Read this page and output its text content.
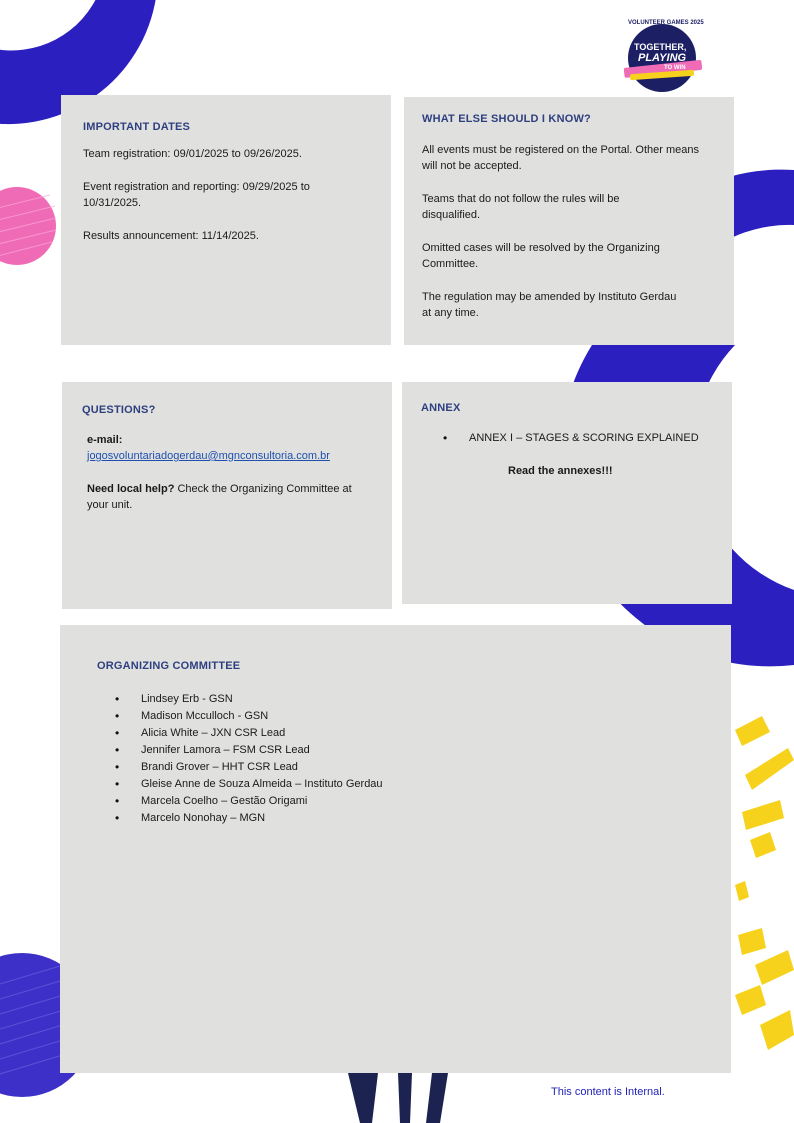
VOLUNTEER GAMES 2025
TOGETHER,
PLAYING
TO WIN
IMPORTANT DATES

Team registration: 09/01/2025 to 09/26/2025.

Event registration and reporting: 09/29/2025 to 10/31/2025.

Results announcement: 11/14/2025.

WHAT ELSE SHOULD I KNOW?

All events must be registered on the Portal. Other means will not be accepted.

Teams that do not follow the rules will be disqualified.

Omitted cases will be resolved by the Organizing Committee.

The regulation may be amended by Instituto Gerdau at any time.

QUESTIONS?

e-mail:

jogosvoluntariadogerdau@mgnconsultoria.com.br

Need local help? Check the Organizing Committee at your unit.

ANNEX
• ANNEX I – STAGES & SCORING EXPLAINED

Read the annexes!!!

ORGANIZING COMMITTEE
• Lindsey Erb - GSN
• Madison Mcculloch - GSN
• Alicia White – JXN CSR Lead
• Jennifer Lamora – FSM CSR Lead
• Brandi Grover – HHT CSR Lead
• Gleise Anne de Souza Almeida – Instituto Gerdau
• Marcela Coelho – Gestão Origami
• Marcelo Nonohay – MGN
This content is Internal.
